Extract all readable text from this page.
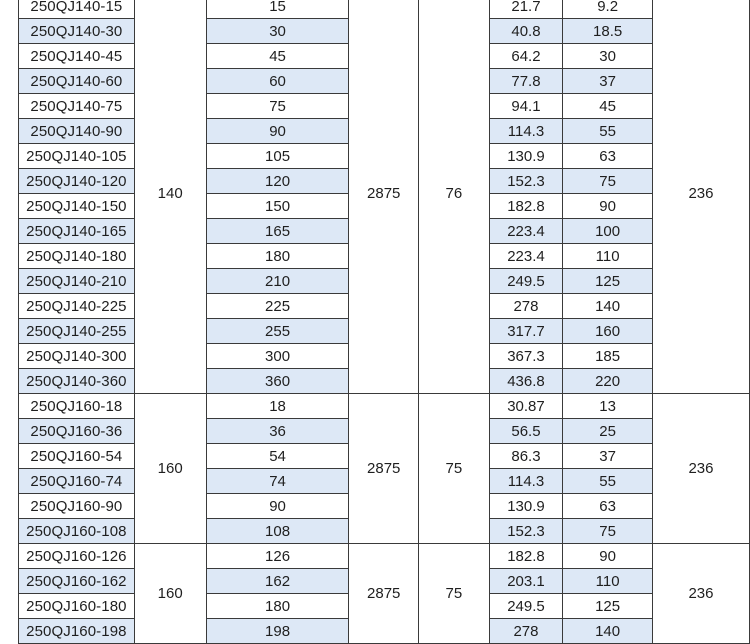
250QJ140-15	140	15	2875	76	21.7	9.2	236
250QJ140-30		30			40.8	18.5	
250QJ140-45		45			64.2	30	
250QJ140-60		60			77.8	37	
250QJ140-75		75			94.1	45	
250QJ140-90		90			114.3	55	
250QJ140-105		105			130.9	63	
250QJ140-120		120			152.3	75	
250QJ140-150		150			182.8	90	
250QJ140-165		165			223.4	100	
250QJ140-180		180			223.4	110	
250QJ140-210		210			249.5	125	
250QJ140-225		225			278	140	
250QJ140-255		255			317.7	160	
250QJ140-300		300			367.3	185	
250QJ140-360		360			436.8	220	
250QJ160-18	160	18	2875	75	30.87	13	236
250QJ160-36		36			56.5	25	
250QJ160-54		54			86.3	37	
250QJ160-74		74			114.3	55	
250QJ160-90		90			130.9	63	
250QJ160-108		108			152.3	75	
250QJ160-126	160	126	2875	75	182.8	90	236
250QJ160-162		162			203.1	110	
250QJ160-180		180			249.5	125	
250QJ160-198		198			278	140	
